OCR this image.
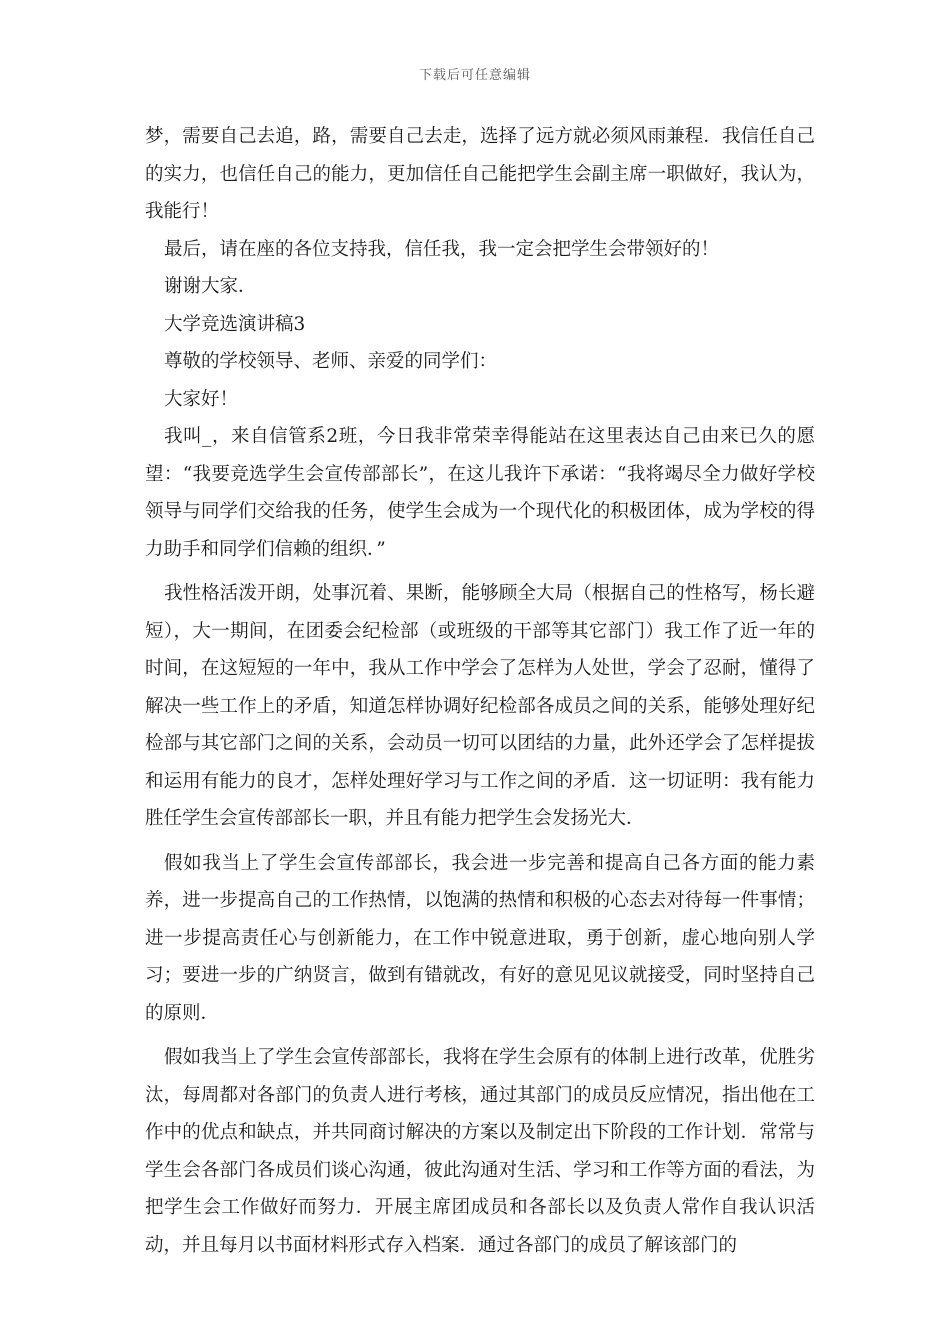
下载后可任意编辑

梦，需要自己去追，路，需要自己去走，选择了远方就必须风雨兼程．我信任自己的实力，也信任自己的能力，更加信任自己能把学生会副主席一职做好，我认为，我能行！

最后，请在座的各位支持我，信任我，我一定会把学生会带领好的！

谢谢大家．

大学竞选演讲稿3

尊敬的学校领导、老师、亲爱的同学们：

大家好！

我叫_，来自信管系2班，今日我非常荣幸得能站在这里表达自己由来已久的愿望：“我要竞选学生会宣传部部长”，在这儿我许下承诺：“我将竭尽全力做好学校领导与同学们交给我的任务，使学生会成为一个现代化的积极团体，成为学校的得力助手和同学们信赖的组织．”

我性格活泼开朗，处事沉着、果断，能够顾全大局（根据自己的性格写，杨长避短），大一期间，在团委会纪检部（或班级的干部等其它部门）我工作了近一年的时间，在这短短的一年中，我从工作中学会了怎样为人处世，学会了忍耐，懂得了解决一些工作上的矛盾，知道怎样协调好纪检部各成员之间的关系，能够处理好纪检部与其它部门之间的关系，会动员一切可以团结的力量，此外还学会了怎样提拔和运用有能力的良才，怎样处理好学习与工作之间的矛盾．这一切证明：我有能力胜任学生会宣传部部长一职，并且有能力把学生会发扬光大．

假如我当上了学生会宣传部部长，我会进一步完善和提高自己各方面的能力素养，进一步提高自己的工作热情，以饱满的热情和积极的心态去对待每一件事情；进一步提高责任心与创新能力，在工作中锐意进取，勇于创新，虚心地向别人学习；要进一步的广纳贤言，做到有错就改，有好的意见见议就接受，同时坚持自己的原则．

假如我当上了学生会宣传部部长，我将在学生会原有的体制上进行改革，优胜劣汰，每周都对各部门的负责人进行考核，通过其部门的成员反应情况，指出他在工作中的优点和缺点，并共同商讨解决的方案以及制定出下阶段的工作计划．常常与学生会各部门各成员们谈心沟通，彼此沟通对生活、学习和工作等方面的看法，为把学生会工作做好而努力．开展主席团成员和各部长以及负责人常作自我认识活动，并且每月以书面材料形式存入档案．通过各部门的成员了解该部门的
